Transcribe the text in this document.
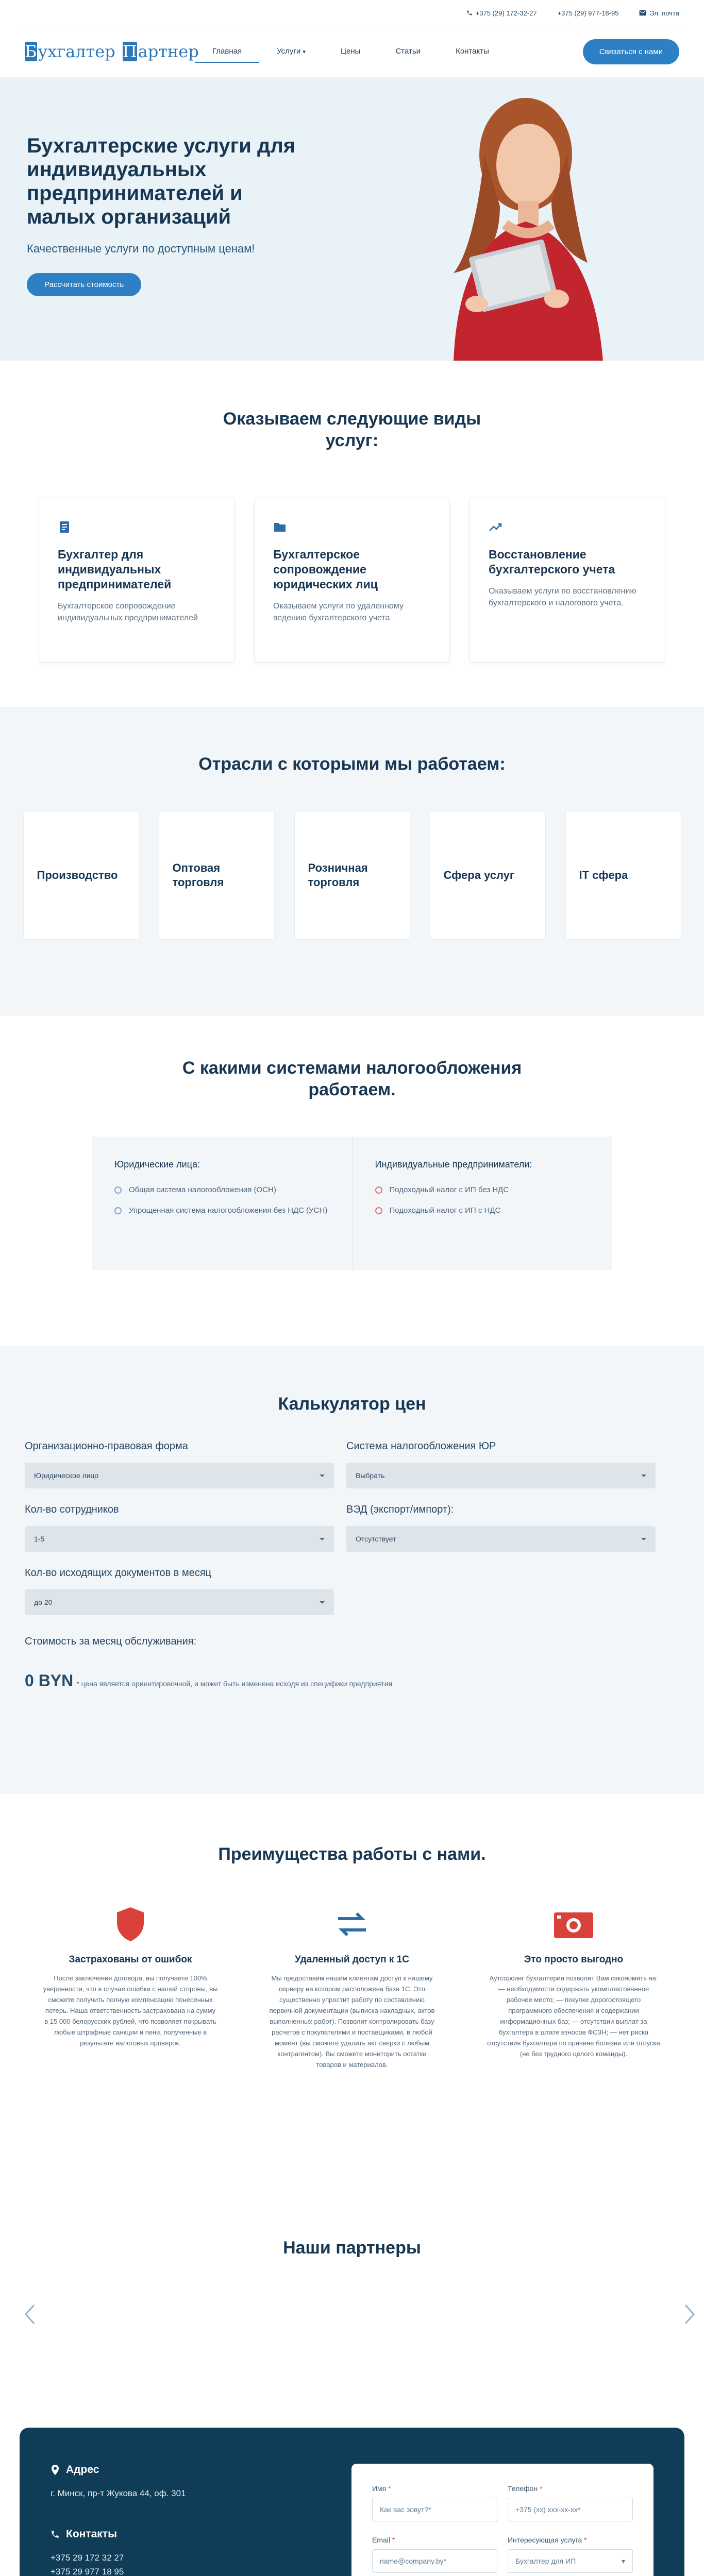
+375 (29) 172-32-27	+375 (29) 977-18-95	Эл. почта
Б ухгалтер
П артнер	Главная	Услуги ▾	Цены	Статьи	Контакты	Связаться с нами
Бухгалтерские услуги для индивидуальных предпринимателей и малых организаций

Качественные услуги по доступным ценам!

Рассчитать стоимость
Оказываем следующие виды услуг:
Бухгалтер для индивидуальных предпринимателей

Бухгалтерское сопровождение индивидуальных предпринимателей

Бухгалтерское сопровождение юридических лиц

Оказываем услуги по удаленному ведению бухгалтерского учета

Восстановление бухгалтерского учета

Оказываем услуги по восстановлению бухгалтерского и налогового учета.

Отрасли с которыми мы работаем:
Производство
Оптовая торговля
Розничная торговля
Сфера услуг	IT сфера
С какими системами налогообложения работаем.
Юридические лица:
Общая система налогообложения (ОСН)
Упрощенная система налогообложения без НДС (УСН)
Индивидуальные предприниматели:
Подоходный налог с ИП без НДС
Подоходный налог с ИП с НДС
Калькулятор цен
Организационно-правовая форма
Юридическое лицо
Система налогообложения ЮР
Выбрать
Кол-во сотрудников
1-5
ВЭД (экспорт/импорт):
Отсутствует
Кол-во исходящих документов в месяц
до 20
Стоимость за месяц обслуживания:
0 BYN * цена является ориентировочной, и может быть изменена исходя из специфики предприятия
Преимущества работы с нами.
Застрахованы от ошибок

После заключения договора, вы получаете 100% уверенности, что в случае ошибки с нашей стороны, вы сможете получить полную компенсацию понесенных потерь. Наша ответственность застрахована на сумму в 15 000 белорусских рублей, что позволяет покрывать любые штрафные санкции и пени, полученные в результате налоговых проверок.

Удаленный доступ к 1С

Мы предоставим нашим клиентам доступ к нашему серверу на котором расположена база 1С. Это существенно упростит работу по составлению первичной документации (выписка накладных, актов выполненных работ). Позволит контролировать базу расчетов с покупателями и поставщиками, в любой момент (вы сможете удалить акт сверки с любым контрагентом). Вы сможете мониторить остатки товаров и материалов.

Это просто выгодно

Аутсорсинг бухгалтерии позволит Вам сэкономить на: — необходимости содержать укомплектованное рабочее место; — покупке дорогостоящего программного обеспечения и содержании информационных баз; — отсутствии выплат за бухгалтера в штате взносов ФСЗН; — нет риска отсутствия бухгалтера по причине болезни или отпуска (не без трудного целого команды).

Наши партнеры
Адрес

г. Минск, пр-т Жукова 44, оф. 301

Контакты

+375 29 172 32 27

+375 29 977 18 95

Имя *
Как вас зовут?*
Телефон *
+375 (xx) xxx-xx-xx*
Email *
name@company.by*
Интересующая услуга *
Бухгалтер для ИП	▾
